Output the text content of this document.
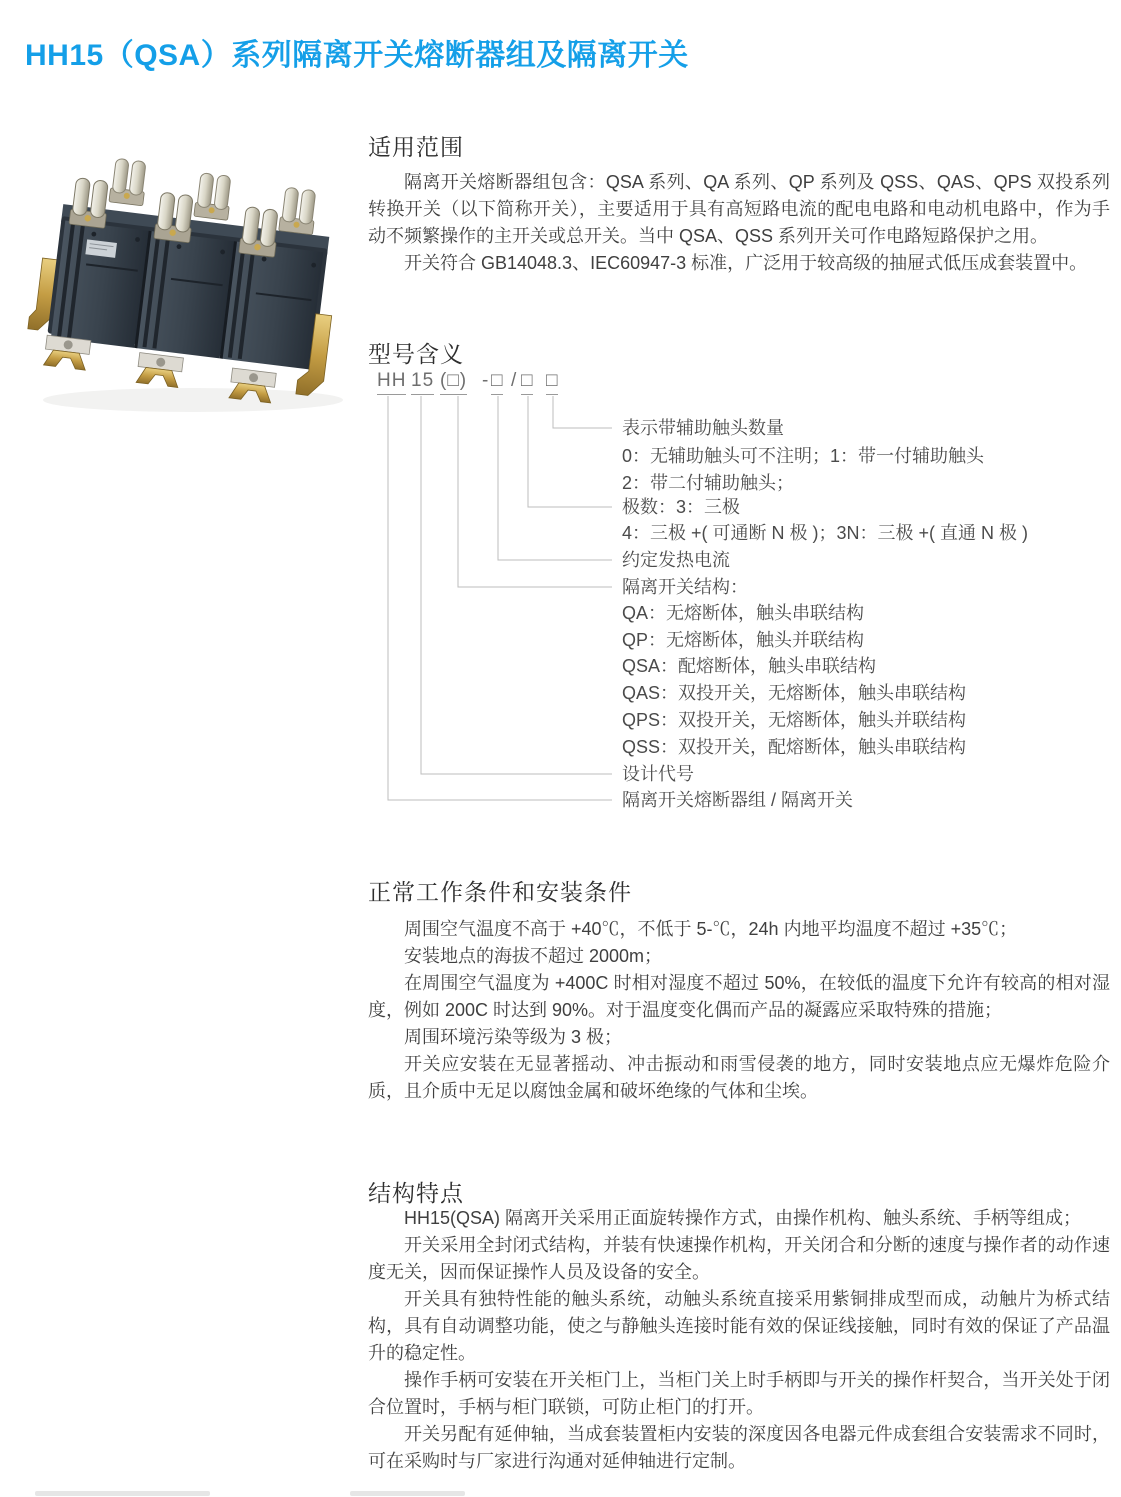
HH15（QSA）系列隔离开关熔断器组及隔离开关
适用范围

隔离开关熔断器组包含：QSA 系列、QA 系列、QP 系列及 QSS、QAS、QPS 双投系列转换开关（以下简称开关），主要适用于具有高短路电流的配电电路和电动机电路中，作为手动不频繁操作的主开关或总开关。当中 QSA、QSS 系列开关可作电路短路保护之用。

开关符合 GB14048.3、IEC60947-3 标准，广泛用于较高级的抽屉式低压成套装置中。

型号含义
HH 15 (□) - □ / □ □
表示带辅助触头数量
0：无辅助触头可不注明；1：带一付辅助触头
2：带二付辅助触头；
极数：3：三极
4：三极 +( 可通断 N 极 )；3N：三极 +( 直通 N 极 )
约定发热电流
隔离开关结构：
QA：无熔断体，触头串联结构
QP：无熔断体，触头并联结构
QSA：配熔断体，触头串联结构
QAS：双投开关，无熔断体，触头串联结构
QPS：双投开关，无熔断体，触头并联结构
QSS：双投开关，配熔断体，触头串联结构
设计代号
隔离开关熔断器组 / 隔离开关
正常工作条件和安装条件

周围空气温度不高于 +40℃，不低于 5-℃，24h 内地平均温度不超过 +35℃；

安装地点的海拔不超过 2000m；

在周围空气温度为 +400C 时相对湿度不超过 50%，在较低的温度下允许有较高的相对湿度，例如 200C 时达到 90%。对于温度变化偶而产品的凝露应采取特殊的措施；

周围环境污染等级为 3 极；

开关应安装在无显著摇动、冲击振动和雨雪侵袭的地方，同时安装地点应无爆炸危险介质，且介质中无足以腐蚀金属和破坏绝缘的气体和尘埃。

结构特点

HH15(QSA) 隔离开关采用正面旋转操作方式，由操作机构、触头系统、手柄等组成；

开关采用全封闭式结构，并装有快速操作机构，开关闭合和分断的速度与操作者的动作速度无关，因而保证操怍人员及设备的安全。

开关具有独特性能的触头系统，动触头系统直接采用紫铜排成型而成，动触片为桥式结构，具有自动调整功能，使之与静触头连接时能有效的保证线接触，同时有效的保证了产品温升的稳定性。

操作手柄可安装在开关柜门上，当柜门关上时手柄即与开关的操作杆契合，当开关处于闭合位置时，手柄与柜门联锁，可防止柜门的打开。

开关另配有延伸轴，当成套装置柜内安装的深度因各电器元件成套组合安装需求不同时，可在采购时与厂家进行沟通对延伸轴进行定制。
